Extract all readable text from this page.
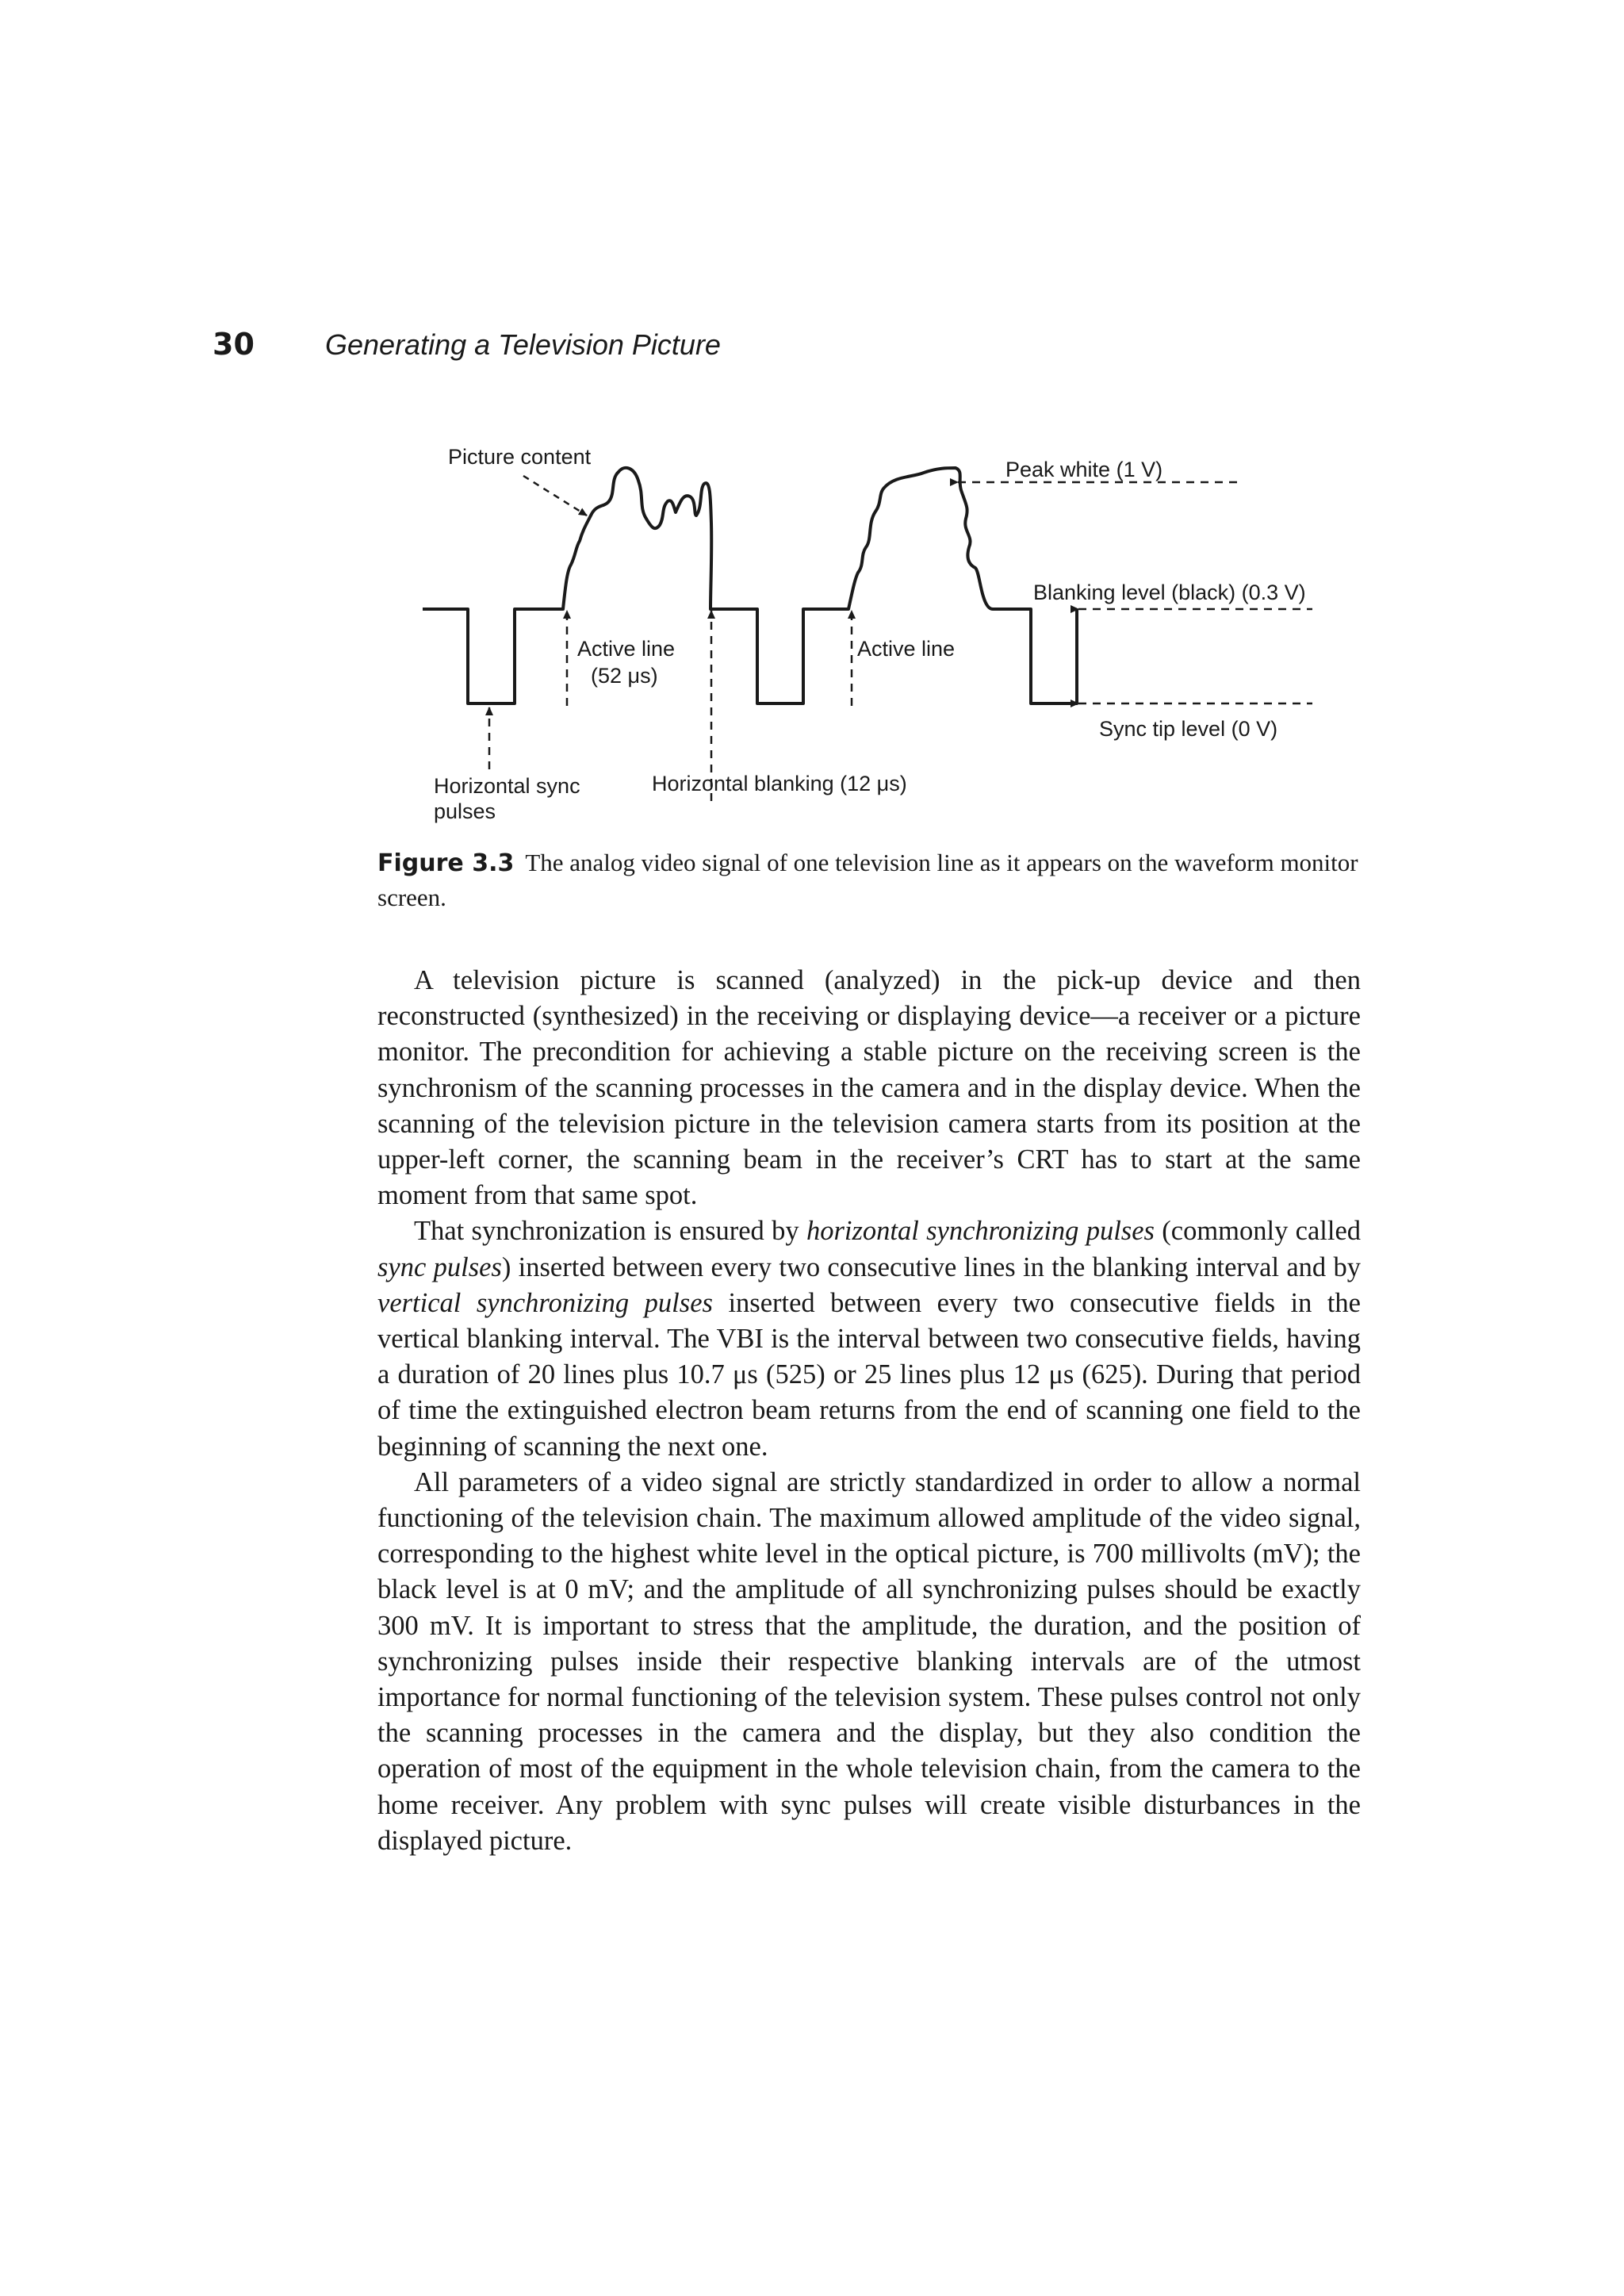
30 Generating a Television Picture
Picture content
Peak white (1 V)
Blanking level (black) (0.3 V)
Active line
(52 μs)
Active line
Sync tip level (0 V)
Horizontal sync
pulses
Horizontal blanking (12 μs)
Figure 3.3 The analog video signal of one television line as it appears on the waveform monitor screen.

A television picture is scanned (analyzed) in the pick-up device and then reconstructed (synthesized) in the receiving or displaying device—a receiver or a picture monitor. The precondition for achieving a stable picture on the receiving screen is the synchronism of the scanning processes in the camera and in the display device. When the scanning of the television picture in the television camera starts from its position at the upper-left corner, the scanning beam in the receiver’s CRT has to start at the same moment from that same spot.

That synchronization is ensured by horizontal synchronizing pulses (commonly called sync pulses) inserted between every two consecutive lines in the blanking interval and by vertical synchronizing pulses inserted between every two consecutive fields in the vertical blanking interval. The VBI is the interval between two consecutive fields, having a duration of 20 lines plus 10.7 μs (525) or 25 lines plus 12 μs (625). During that period of time the extinguished electron beam returns from the end of scanning one field to the beginning of scanning the next one.

All parameters of a video signal are strictly standardized in order to allow a normal functioning of the television chain. The maximum allowed amplitude of the video signal, corresponding to the highest white level in the optical picture, is 700 millivolts (mV); the black level is at 0 mV; and the amplitude of all synchronizing pulses should be exactly 300 mV. It is important to stress that the amplitude, the duration, and the position of synchronizing pulses inside their respective blanking intervals are of the utmost importance for normal functioning of the television system. These pulses control not only the scanning processes in the camera and the display, but they also condition the operation of most of the equipment in the whole television chain, from the camera to the home receiver. Any problem with sync pulses will create visible disturbances in the displayed picture.
